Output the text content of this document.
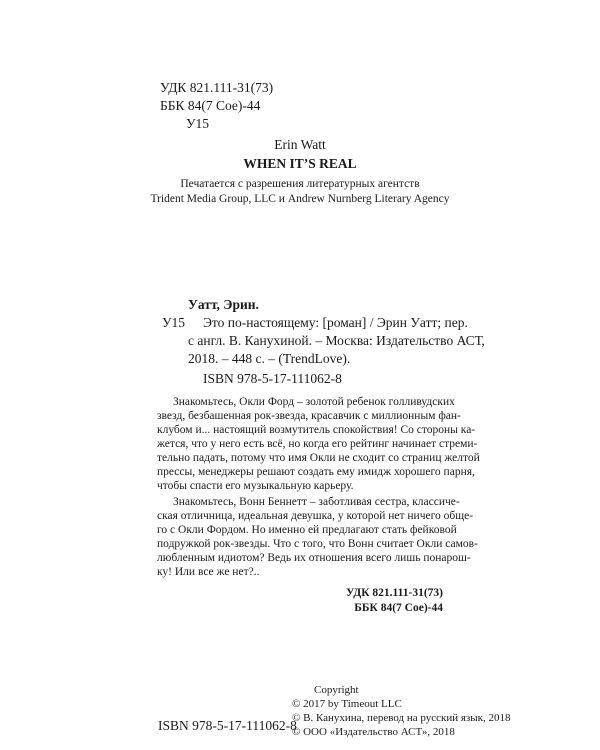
УДК 821.111-31(73)
ББК 84(7 Сое)-44
У15
Erin Watt
WHEN IT’S REAL
Печатается с разрешения литературных агентств
Trident Media Group, LLC и Andrew Nurnberg Literary Agency
Уатт, Эрин.
У15 Это по-настоящему: [роман] / Эрин Уатт; пер.
с англ. В. Канухиной. – Москва: Издательство АСТ,
2018. – 448 с. – (TrendLove).
ISBN 978-5-17-111062-8
Знакомьтесь, Окли Форд – золотой ребенок голливудских
звезд, безбашенная рок-звезда, красавчик с миллионным фан-
клубом и... настоящий возмутитель спокойствия! Со стороны ка-
жется, что у него есть всё, но когда его рейтинг начинает стреми-
тельно падать, потому что имя Окли не сходит со страниц желтой
прессы, менеджеры решают создать ему имидж хорошего парня,
чтобы спасти его музыкальную карьеру.
Знакомьтесь, Вонн Беннетт – заботливая сестра, классиче-
ская отличница, идеальная девушка, у которой нет ничего обще-
го с Окли Фордом. Но именно ей предлагают стать фейковой
подружкой рок-звезды. Что с того, что Вонн считает Окли самов-
любленным идиотом? Ведь их отношения всего лишь понарош-
ку! Или все же нет?..
УДК 821.111-31(73)
ББК 84(7 Сое)-44
Copyright
© 2017 by Timeout LLC
© В. Канухина, перевод на русский язык, 2018
© ООО «Издательство АСТ», 2018
ISBN 978-5-17-111062-8
